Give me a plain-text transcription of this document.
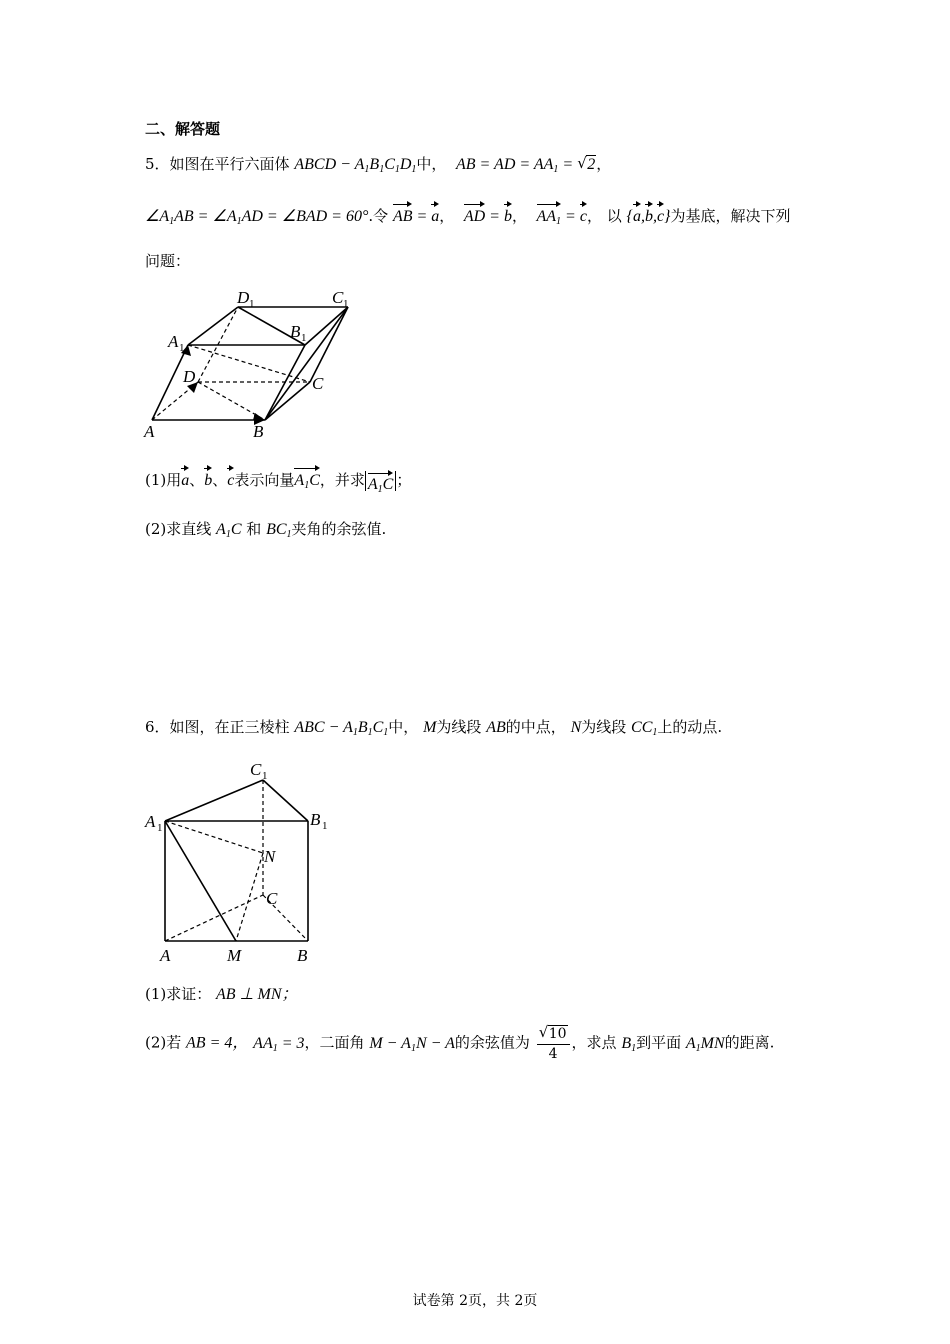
二、解答题
5．如图在平行六面体 ABCD − $A_1B_1C_1D_1$中， AB = AD = $AA_1$ = √ 2，
$\angle A_1AB$ = $\angle A_1AD$ = ∠BAD = 60°.令 AB = a，  AD = b，  $AA_1 = c$， 以 {a,b,c}为基底，解决下列
问题：
A	B
C
D
A 1
B 1
C 1
D 1
(1)用a、b、c表示向量$A_1C$，并求 $A_1C$ ；
(2)求直线 $A_1C$ 和 $BC_1$夹角的余弦值.
6．如图，在正三棱柱 ABC − $A_1B_1C_1$中， M为线段 AB的中点， N为线段 $CC_1$上的动点.
A	M	B
C
N
A 1	B 1
C 1
(1)求证： AB ⊥ MN；
(2)若 AB = 4， $AA_1 = 3$，二面角 $M - A_1N - A$的余弦值为 $\frac{√ 10}{4}$ ，求点 $B_1$到平面 $A_1MN$的距离.
试卷第 2页，共 2页
